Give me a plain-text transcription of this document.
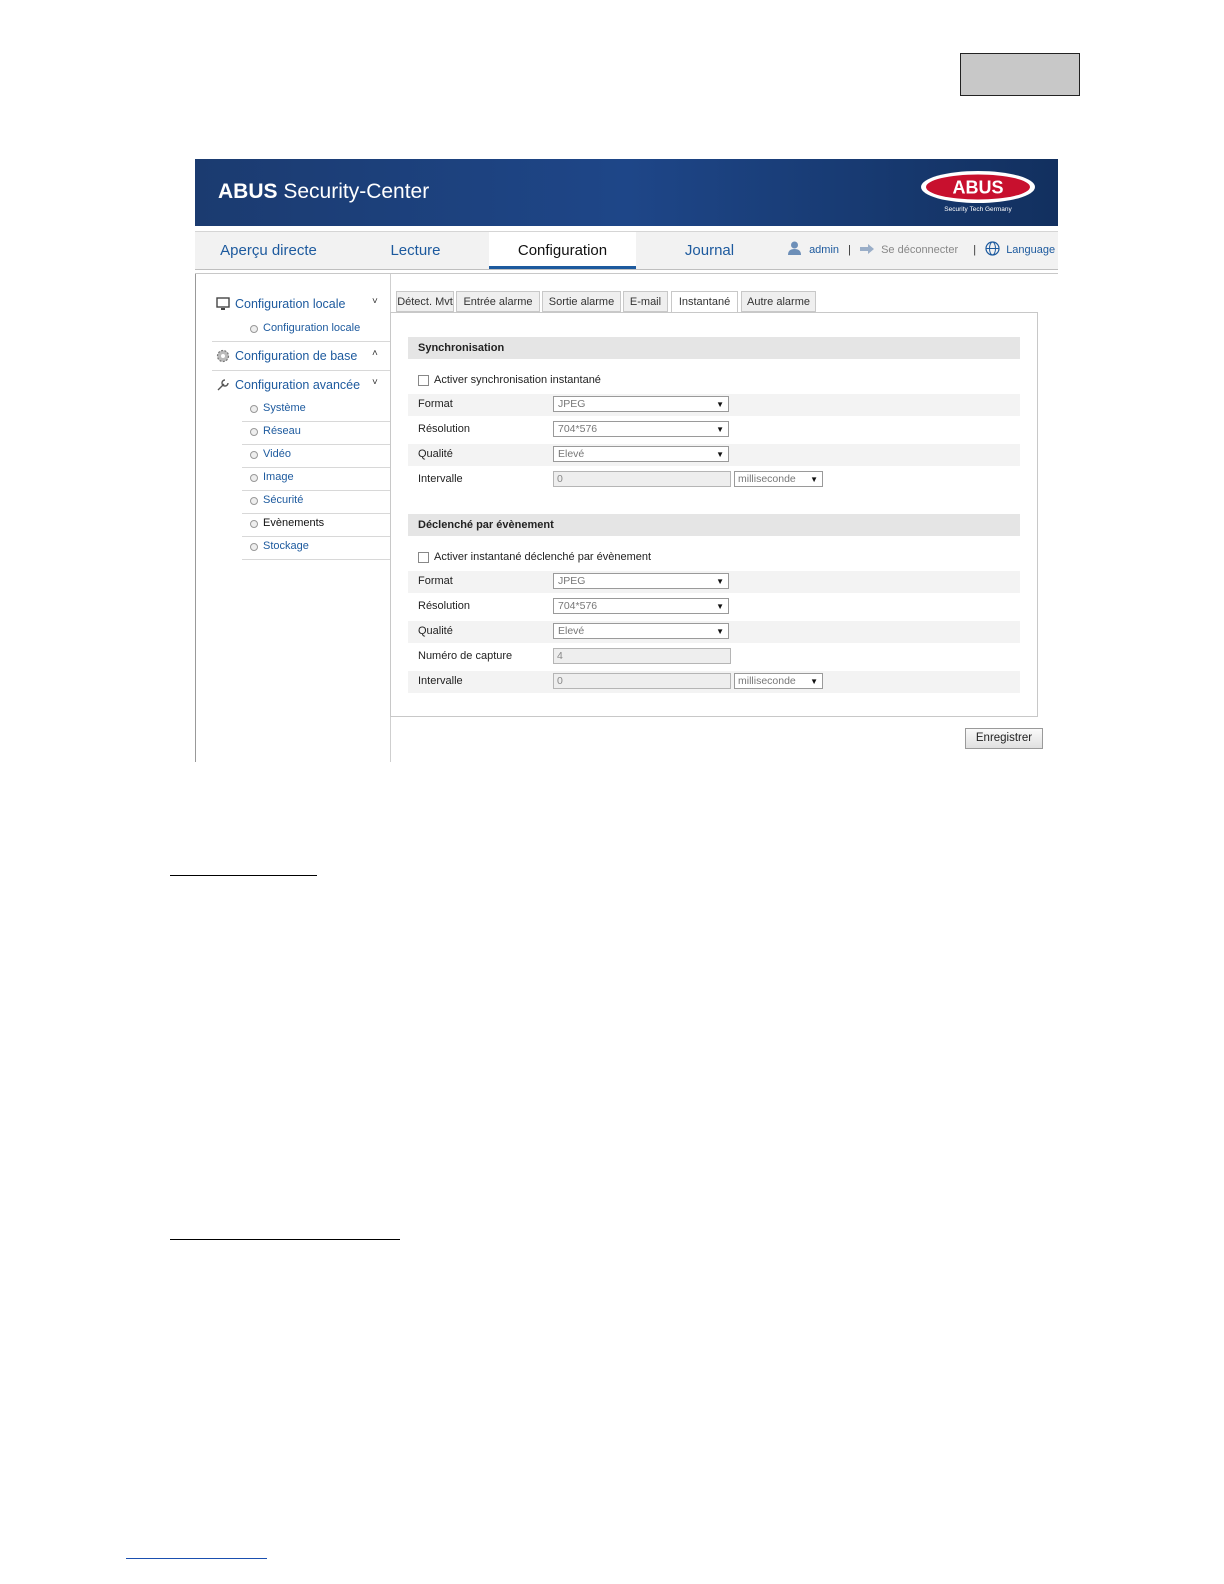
ABUS Security-Center	ABUS
Security Tech Germany
Aperçu directe	Lecture	Configuration	Journal	admin |	Se déconnecter |	Language
Configuration locale	˅
Configuration locale
Configuration de base ˄
Configuration avancée ˅
Système
Réseau
Vidéo
Image
Sécurité
Evènements
Stockage
Détect. Mvt Entrée alarme	Sortie alarme	E-mail	Instantané	Autre alarme
Synchronisation
Activer synchronisation instantané
Format	JPEG	▼
Résolution	704*576	▼
Qualité	Elevé	▼
Intervalle	0	milliseconde ▼
Déclenché par évènement
Activer instantané déclenché par évènement
Format	JPEG	▼
Résolution	704*576	▼
Qualité	Elevé	▼
Numéro de capture	4
Intervalle	0	milliseconde ▼
Enregistrer
